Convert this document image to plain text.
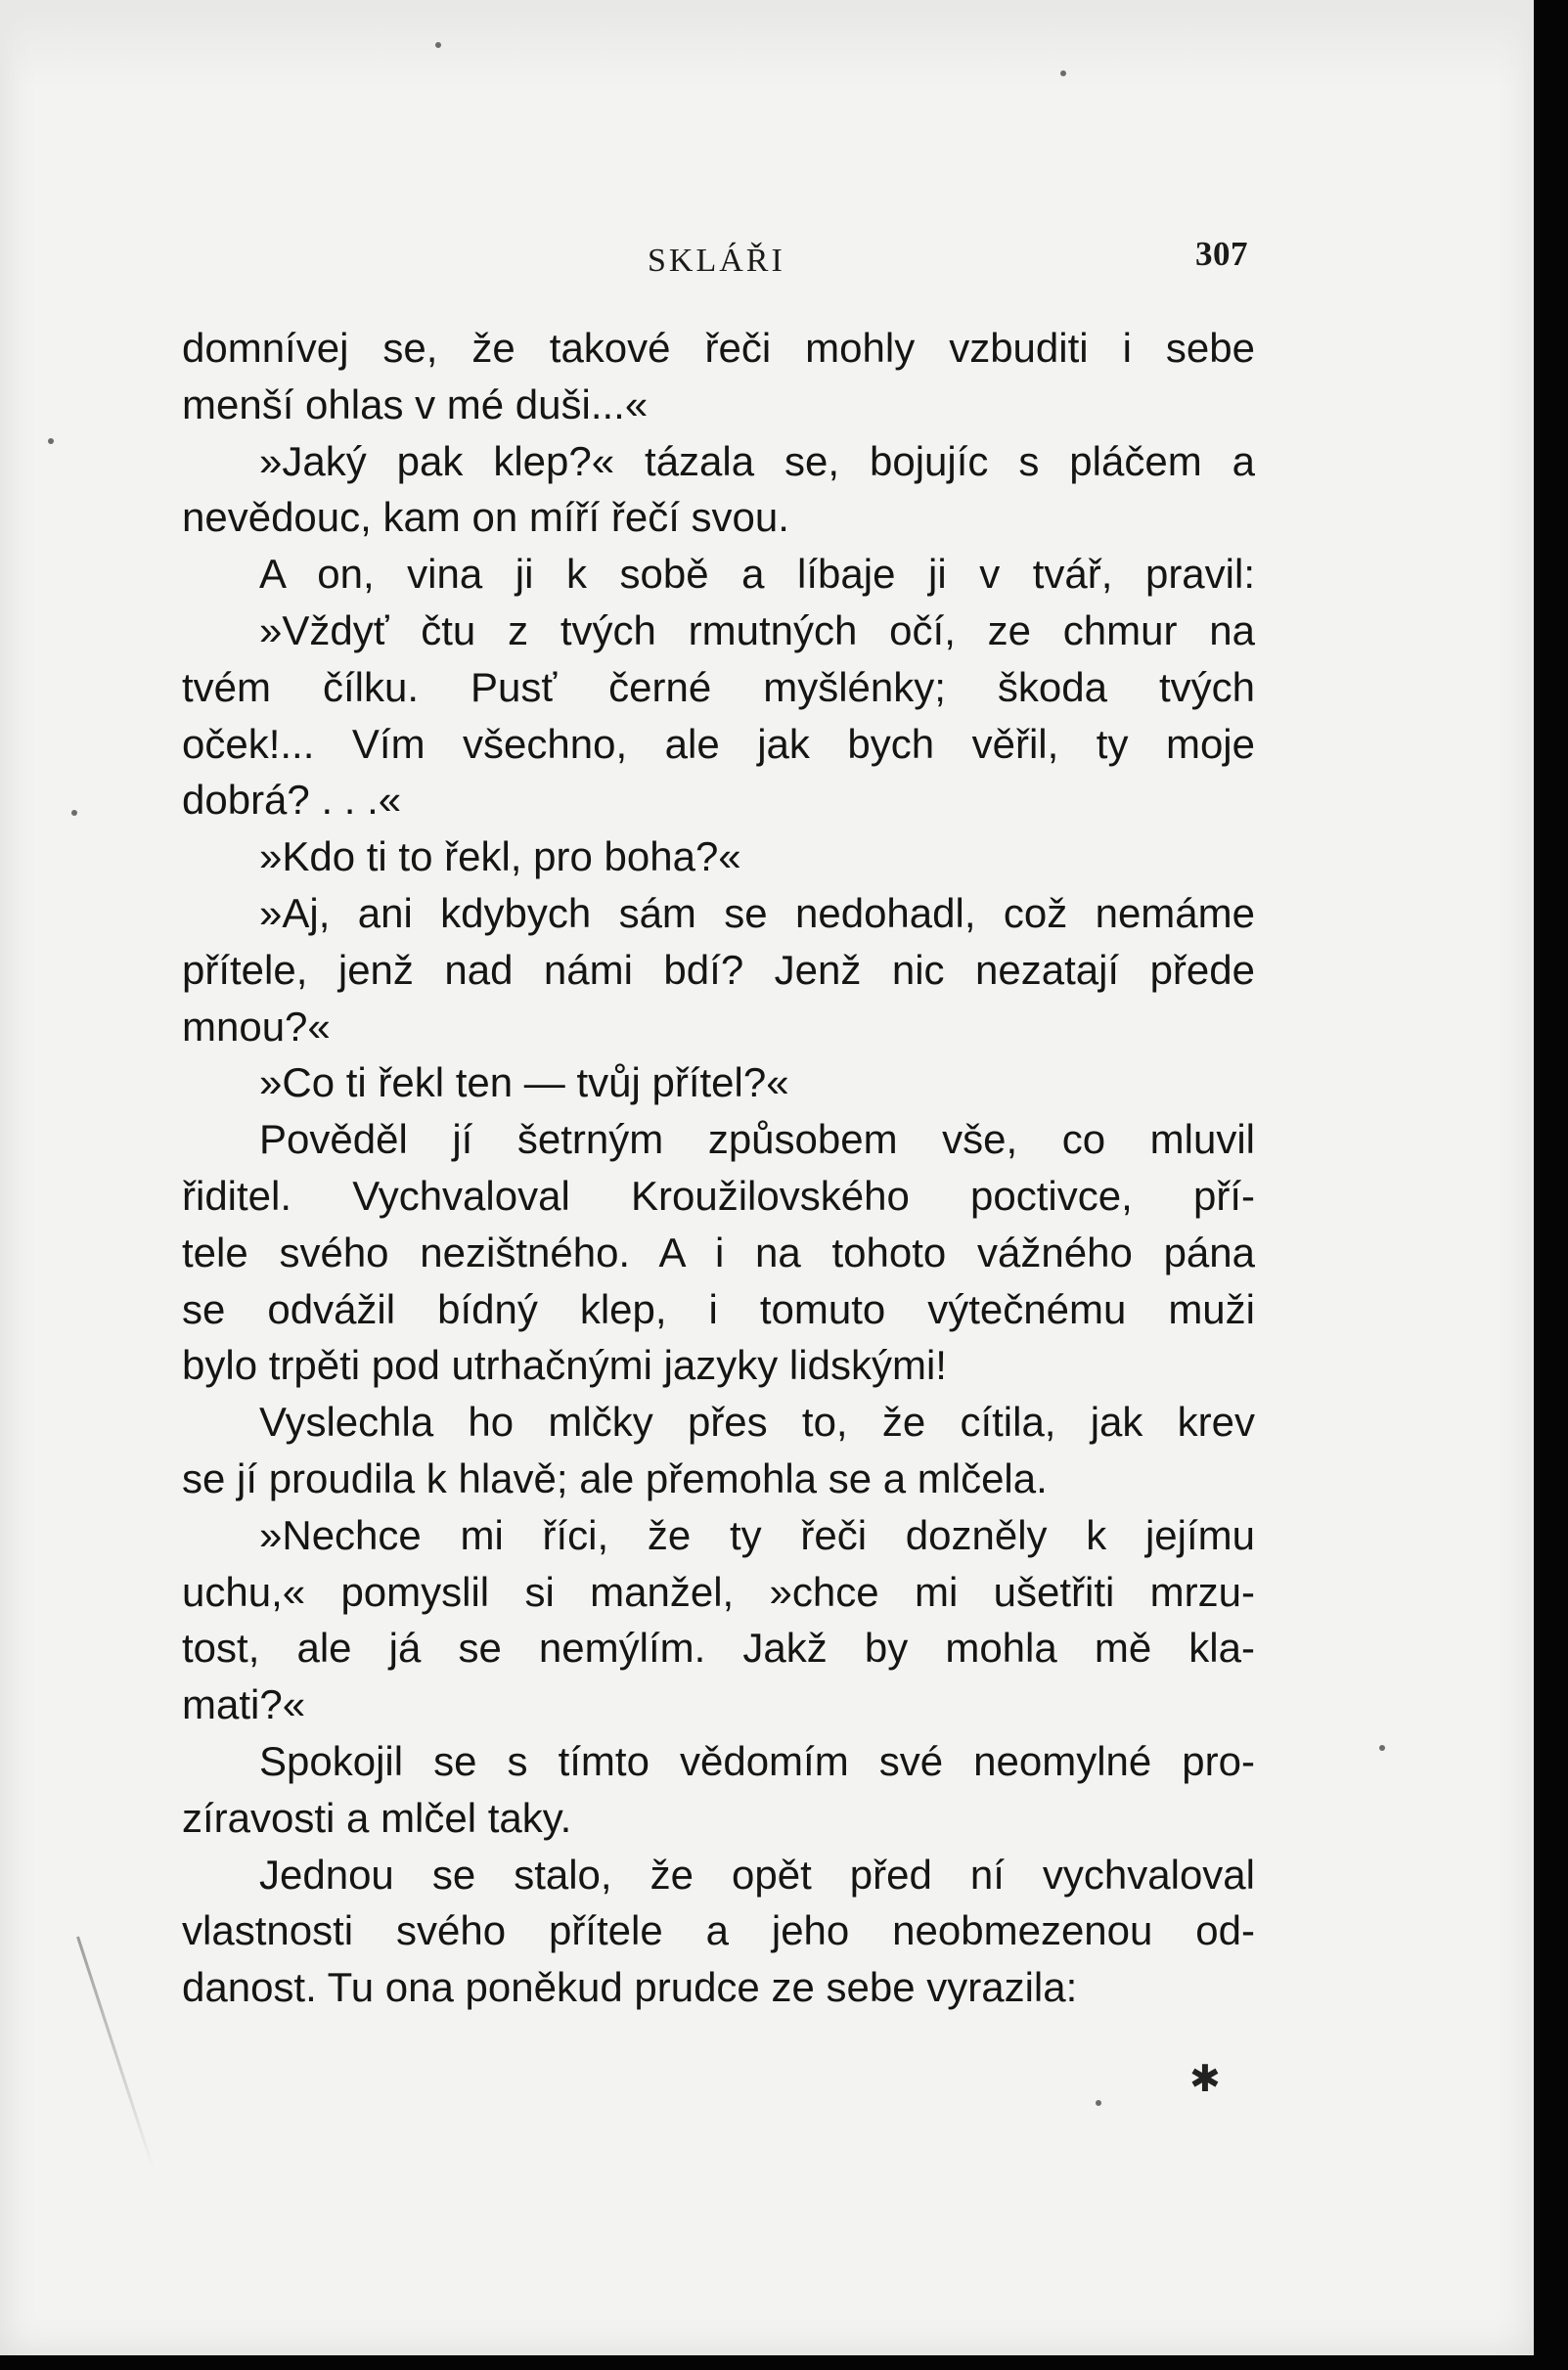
SKLÁŘI	307
domnívej se, že takové řeči mohly vzbuditi i sebe
menší ohlas v mé duši...«
»Jaký pak klep?« tázala se, bojujíc s pláčem a
nevědouc, kam on míří řečí svou.
A on, vina ji k sobě a líbaje ji v tvář, pravil:
»Vždyť čtu z tvých rmutných očí, ze chmur na
tvém čílku. Pusť černé myšlénky; škoda tvých
oček!... Vím všechno, ale jak bych věřil, ty moje
dobrá? . . .«
»Kdo ti to řekl, pro boha?«
»Aj, ani kdybych sám se nedohadl, což nemáme
přítele, jenž nad námi bdí? Jenž nic nezatají přede
mnou?«
»Co ti řekl ten — tvůj přítel?«
Pověděl jí šetrným způsobem vše, co mluvil
řiditel. Vychvaloval Kroužilovského poctivce, pří-
tele svého nezištného. A i na tohoto vážného pána
se odvážil bídný klep, i tomuto výtečnému muži
bylo trpěti pod utrhačnými jazyky lidskými!
Vyslechla ho mlčky přes to, že cítila, jak krev
se jí proudila k hlavě; ale přemohla se a mlčela.
»Nechce mi říci, že ty řeči dozněly k jejímu
uchu,« pomyslil si manžel, »chce mi ušetřiti mrzu-
tost, ale já se nemýlím. Jakž by mohla mě kla-
mati?«
Spokojil se s tímto vědomím své neomylné pro-
zíravosti a mlčel taky.
Jednou se stalo, že opět před ní vychvaloval
vlastnosti svého přítele a jeho neobmezenou od-
danost. Tu ona poněkud prudce ze sebe vyrazila:
✱
